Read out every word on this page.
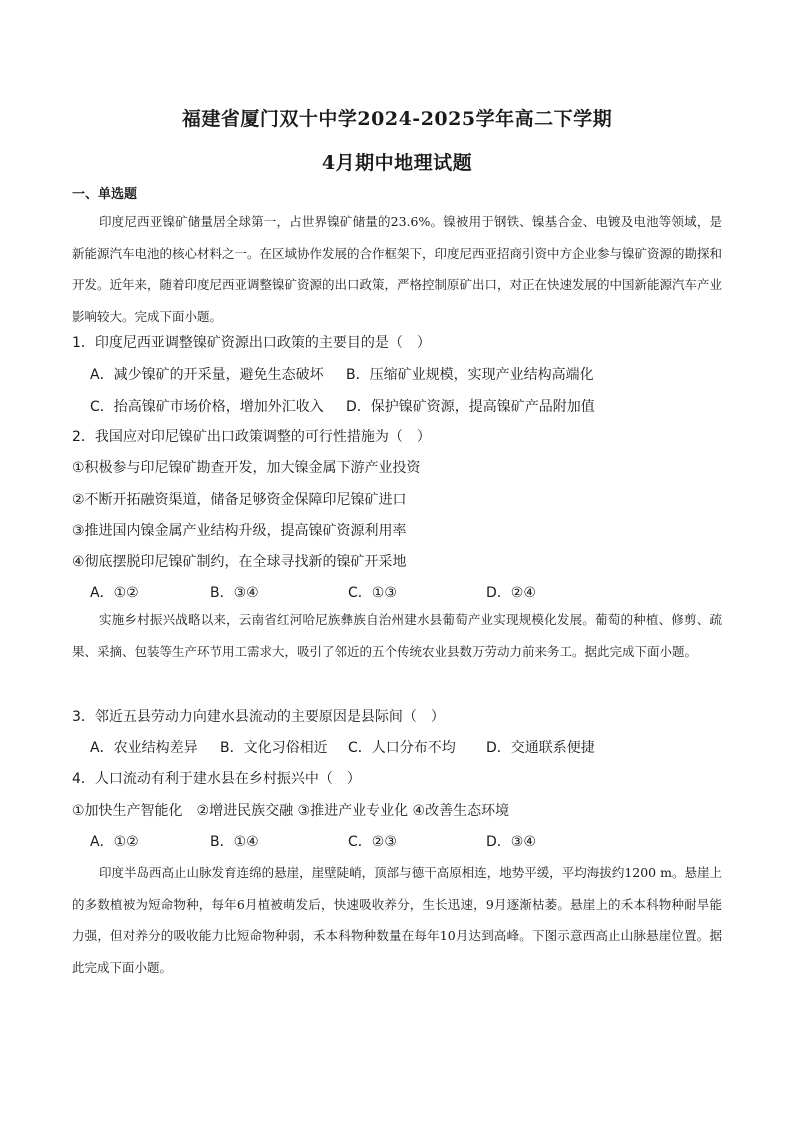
福建省厦门双十中学2024-2025学年高二下学期
4月期中地理试题
一、单选题

印度尼西亚镍矿储量居全球第一，占世界镍矿储量的23.6%。镍被用于钢铁、镍基合金、电镀及电池等领域，是新能源汽车电池的核心材料之一。在区域协作发展的合作框架下，印度尼西亚招商引资中方企业参与镍矿资源的勘探和开发。近年来，随着印度尼西亚调整镍矿资源的出口政策，严格控制原矿出口，对正在快速发展的中国新能源汽车产业影响较大。完成下面小题。

1．印度尼西亚调整镍矿资源出口政策的主要目的是（　）
A．减少镍矿的开采量，避免生态破坏 B．压缩矿业规模，实现产业结构高端化
C．抬高镍矿市场价格，增加外汇收入 D．保护镍矿资源，提高镍矿产品附加值
2．我国应对印尼镍矿出口政策调整的可行性措施为（　）
①积极参与印尼镍矿勘查开发，加大镍金属下游产业投资
②不断开拓融资渠道，储备足够资金保障印尼镍矿进口
③推进国内镍金属产业结构升级，提高镍矿资源利用率
④彻底摆脱印尼镍矿制约，在全球寻找新的镍矿开采地
A．①②	B．③④	C．①③	D．②④

实施乡村振兴战略以来，云南省红河哈尼族彝族自治州建水县葡萄产业实现规模化发展。葡萄的种植、修剪、疏果、采摘、包装等生产环节用工需求大，吸引了邻近的五个传统农业县数万劳动力前来务工。据此完成下面小题。

3．邻近五县劳动力向建水县流动的主要原因是县际间（　）
A．农业结构差异 B．文化习俗相近 C．人口分布不均 D．交通联系便捷
4．人口流动有利于建水县在乡村振兴中（　）
①加快生产智能化　②增进民族交融 ③推进产业专业化 ④改善生态环境
A．①②	B．①④	C．②③	D．③④

印度半岛西高止山脉发育连绵的悬崖，崖壁陡峭，顶部与德干高原相连，地势平缓，平均海拔约1200 m。悬崖上的多数植被为短命物种，每年6月植被萌发后，快速吸收养分，生长迅速，9月逐渐枯萎。悬崖上的禾本科物种耐旱能力强，但对养分的吸收能力比短命物种弱，禾本科物种数量在每年10月达到高峰。下图示意西高止山脉悬崖位置。据此完成下面小题。
